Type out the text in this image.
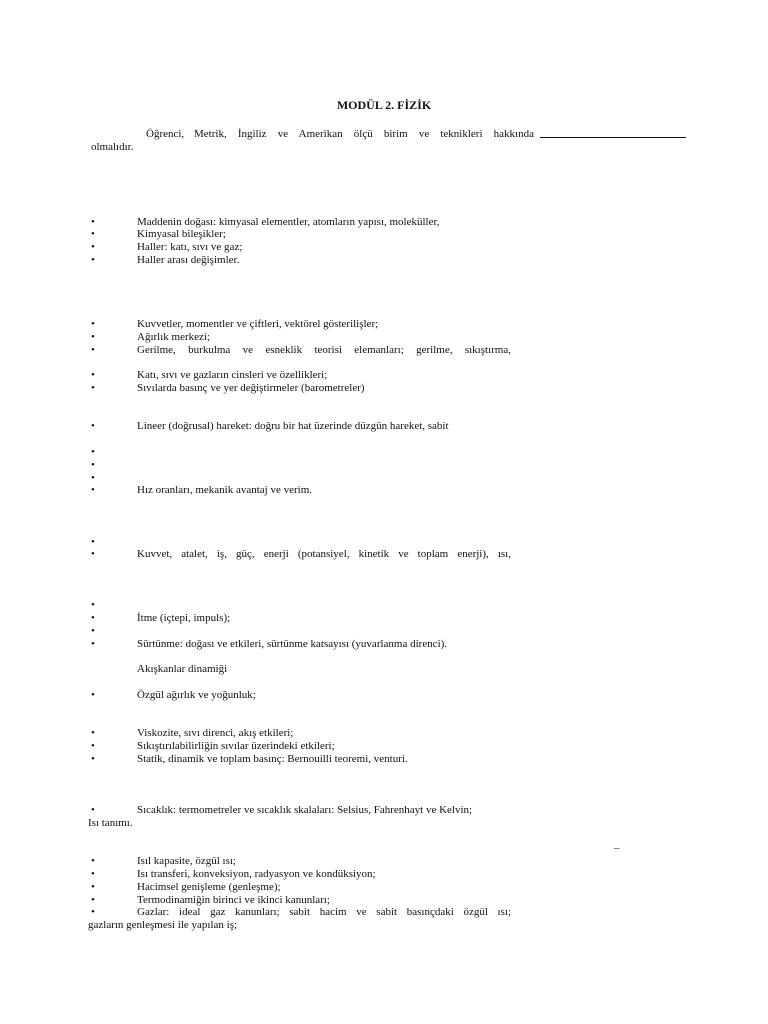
MODÜL 2. FİZİK
Öğrenci, Metrik, İngiliz ve Amerikan ölçü birim ve teknikleri hakkında
olmalıdır.
•	Maddenin doğası: kimyasal elementler, atomların yapısı, moleküller,
•	Kimyasal bileşikler;
•	Haller: katı, sıvı ve gaz;
•	Haller arası değişimler.
•	Kuvvetler, momentler ve çiftleri, vektörel gösterilişler;
•	Ağırlık merkezi;
•	Gerilme, burkulma ve esneklik teorisi elemanları; gerilme, sıkıştırma,
•	Katı, sıvı ve gazların cinsleri ve özellikleri;
•	Sıvılarda basınç ve yer değiştirmeler (barometreler)
•	Lineer (doğrusal) hareket: doğru bir hat üzerinde düzgün hareket, sabit
•
•
•
•	Hız oranları, mekanik avantaj ve verim.
•
•	Kuvvet, atalet, iş, güç, enerji (potansiyel, kinetik ve toplam enerji), ısı,
•
•	İtme (içtepi, impuls);
•
•	Sürtünme: doğası ve etkileri, sürtünme katsayısı (yuvarlanma direnci).
Akışkanlar dinamiği
•	Özgül ağırlık ve yoğunluk;
•	Viskozite, sıvı direnci, akış etkileri;
•	Sıkıştırılabilirliğin sıvılar üzerindeki etkileri;
•	Statik, dinamik ve toplam basınç: Bernouilli teoremi, venturi.
•	Sıcaklık: termometreler ve sıcaklık skalaları: Selsius, Fahrenhayt ve Kelvin;
Isı tanımı.
–
•	Isıl kapasite, özgül ısı;
•	Isı transferi, konveksiyon, radyasyon ve kondüksiyon;
•	Hacimsel genişleme (genleşme);
•	Termodinamiğin birinci ve ikinci kanunları;
•	Gazlar: ideal gaz kanunları; sabit hacim ve sabit basınçdaki özgül ısı;
gazların genleşmesi ile yapılan iş;
